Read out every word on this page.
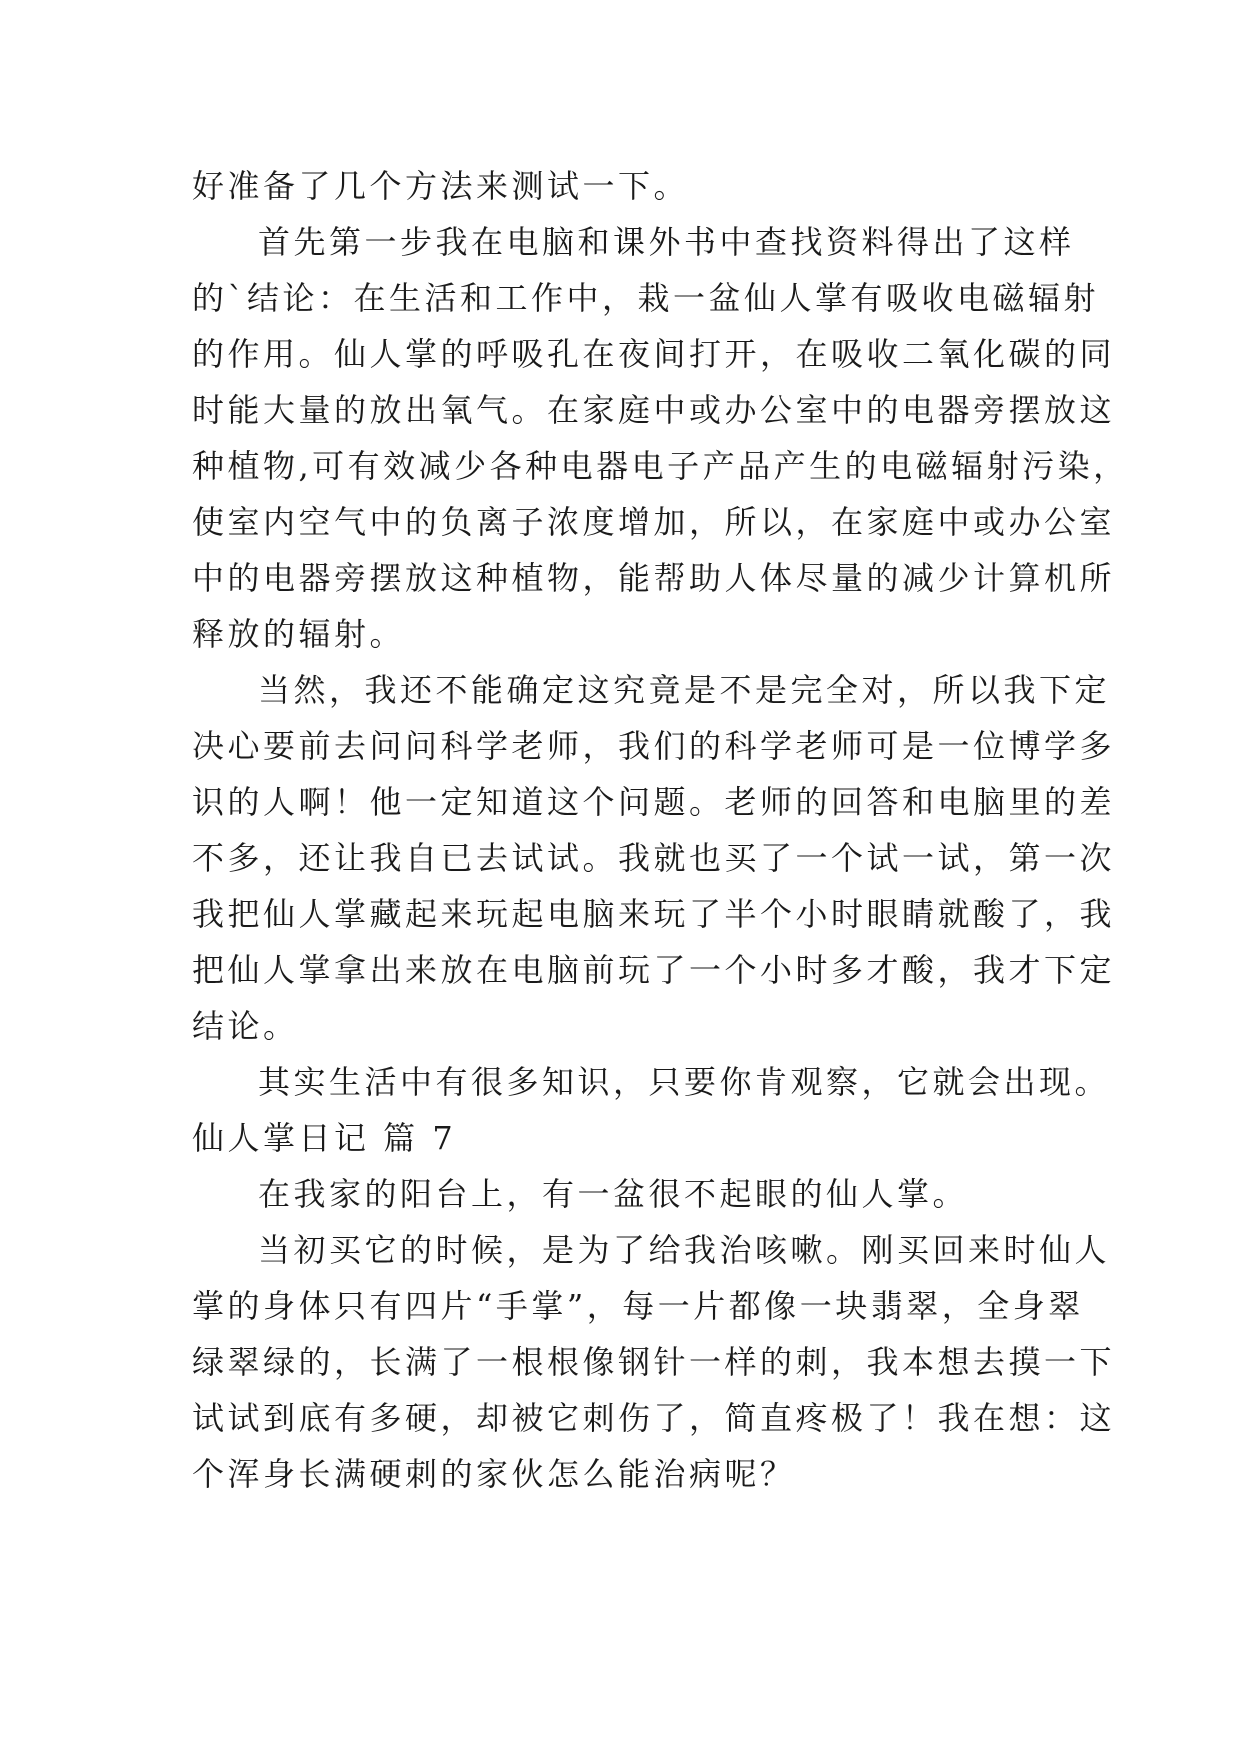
好准备了几个方法来测试一下。
首先第一步我在电脑和课外书中查找资料得出了这样
的`结论：在生活和工作中，栽一盆仙人掌有吸收电磁辐射
的作用。仙人掌的呼吸孔在夜间打开，在吸收二氧化碳的同
时能大量的放出氧气。在家庭中或办公室中的电器旁摆放这
种植物,可有效减少各种电器电子产品产生的电磁辐射污染，
使室内空气中的负离子浓度增加，所以，在家庭中或办公室
中的电器旁摆放这种植物，能帮助人体尽量的减少计算机所
释放的辐射。
当然，我还不能确定这究竟是不是完全对，所以我下定
决心要前去问问科学老师，我们的科学老师可是一位博学多
识的人啊！他一定知道这个问题。老师的回答和电脑里的差
不多，还让我自已去试试。我就也买了一个试一试，第一次
我把仙人掌藏起来玩起电脑来玩了半个小时眼睛就酸了，我
把仙人掌拿出来放在电脑前玩了一个小时多才酸，我才下定
结论。
其实生活中有很多知识，只要你肯观察，它就会出现。
仙人掌日记 篇 7
在我家的阳台上，有一盆很不起眼的仙人掌。
当初买它的时候，是为了给我治咳嗽。刚买回来时仙人
掌的身体只有四片“手掌”，每一片都像一块翡翠，全身翠
绿翠绿的，长满了一根根像钢针一样的刺，我本想去摸一下
试试到底有多硬，却被它刺伤了，简直疼极了！我在想：这
个浑身长满硬刺的家伙怎么能治病呢？
